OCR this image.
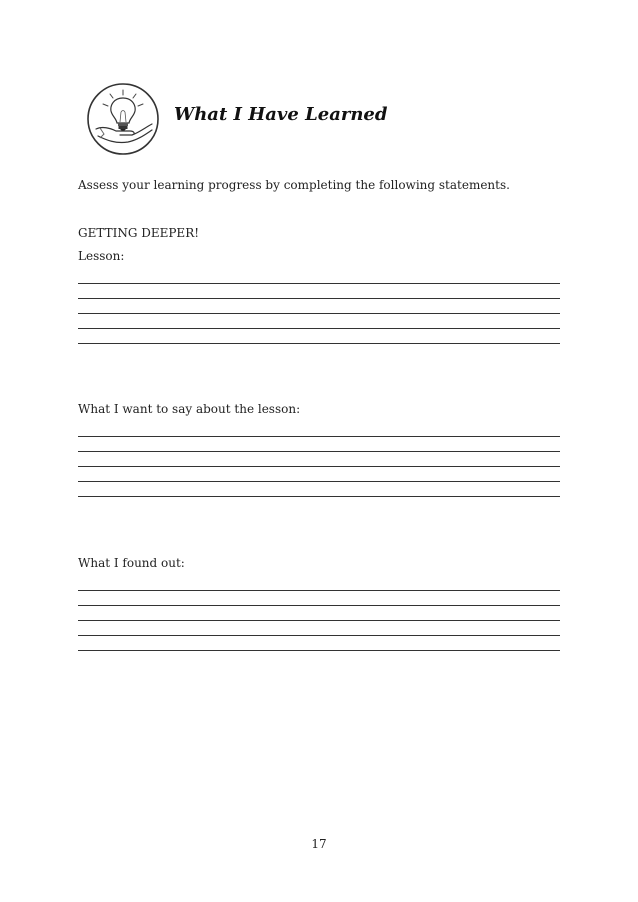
What I Have Learned
Assess your learning progress by completing the following statements.
GETTING DEEPER!
Lesson:
What I want to say about the lesson:
What I found out:
17
